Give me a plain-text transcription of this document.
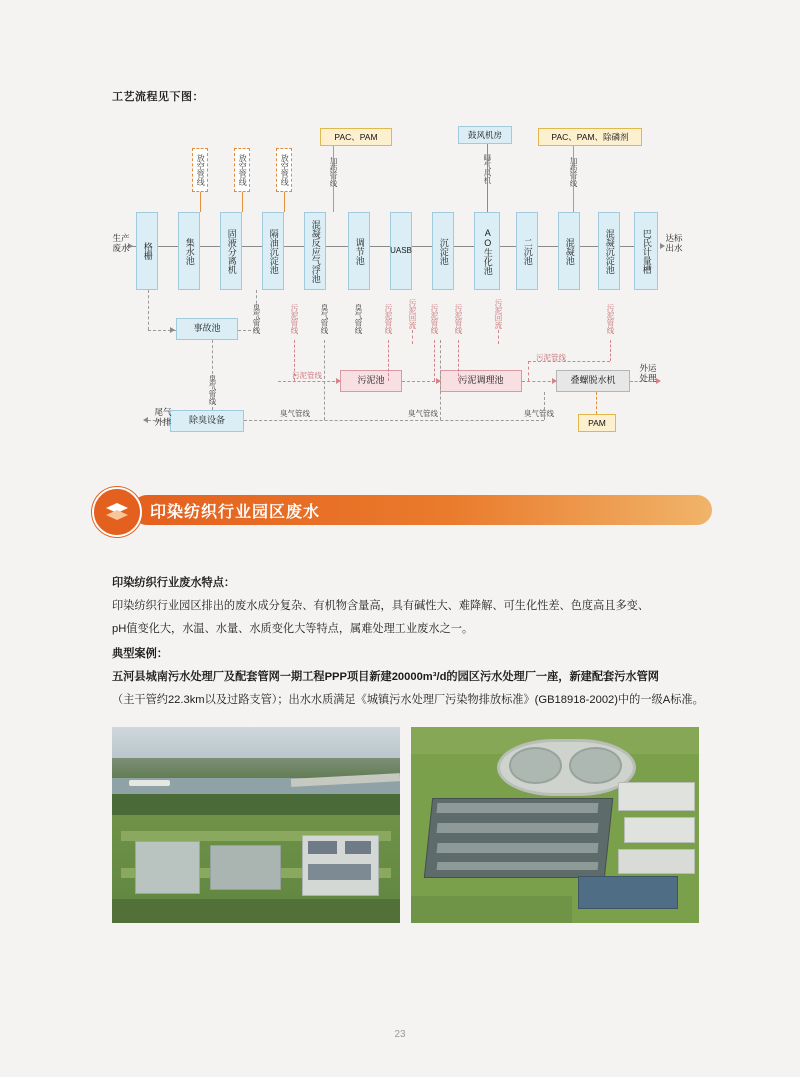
工艺流程见下图：
PAC、PAM	鼓风机房	PAC、PAM、除磷剂
放空管线	放空管线	放空管线	加药管线	加药管线
生产
废水
达标
出水
格栅	集水池	固液分离机	隔油沉淀池	混凝反应气浮池	调节池	UASB	沉淀池	AO生化池	二沉池	混凝池	混凝沉淀池	巴氏计量槽
臭气管线	污泥管线	臭气管线	臭气管线	污泥管线 污泥回流 污泥管线 污泥管线	污泥回流	污泥管线
臭气管线	臭气管线	臭气管线
臭气管线	污泥管线
污泥管线
事故池
除臭设备
污泥池	污泥调理池	叠螺脱水机
PAM
尾气
外排
外运
处理
印染纺织行业园区废水
印染纺织行业废水特点：
印染纺织行业园区排出的废水成分复杂、有机物含量高，具有碱性大、难降解、可生化性差、色度高且多变、
pH值变化大，水温、水量、水质变化大等特点，属难处理工业废水之一。
典型案例：
五河县城南污水处理厂及配套管网一期工程PPP项目新建20000m³/d的园区污水处理厂一座，新建配套污水管网
（主干管约22.3km以及过路支管）；出水水质满足《城镇污水处理厂污染物排放标准》(GB18918-2002)中的一级A标准。
23
